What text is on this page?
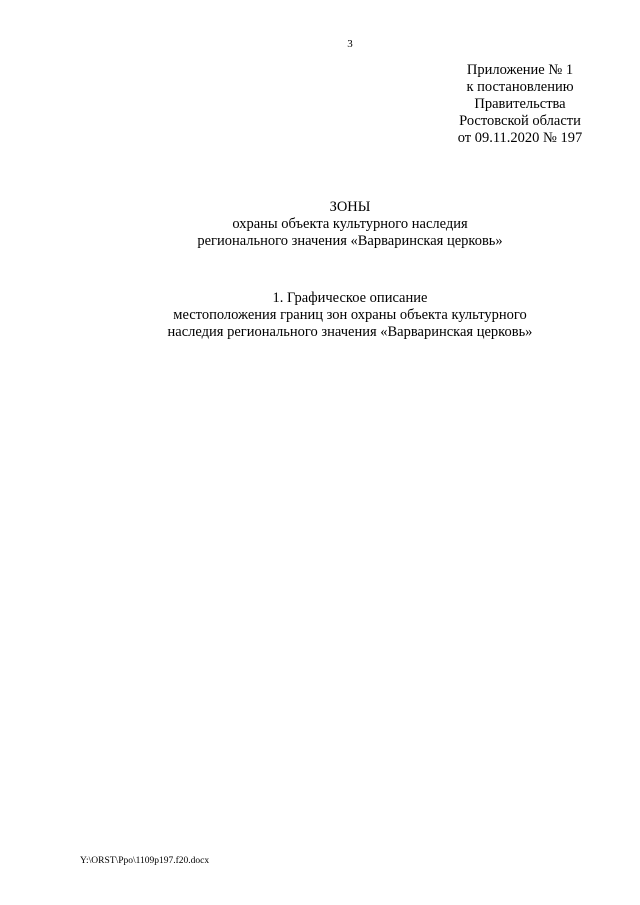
3
Приложение № 1
к постановлению
Правительства
Ростовской области
от 09.11.2020 № 197
ЗОНЫ
охраны объекта культурного наследия
регионального значения «Варваринская церковь»
1. Графическое описание
местоположения границ зон охраны объекта культурного
наследия регионального значения «Варваринская церковь»
Y:\ORST\Ppo\1109p197.f20.docx
